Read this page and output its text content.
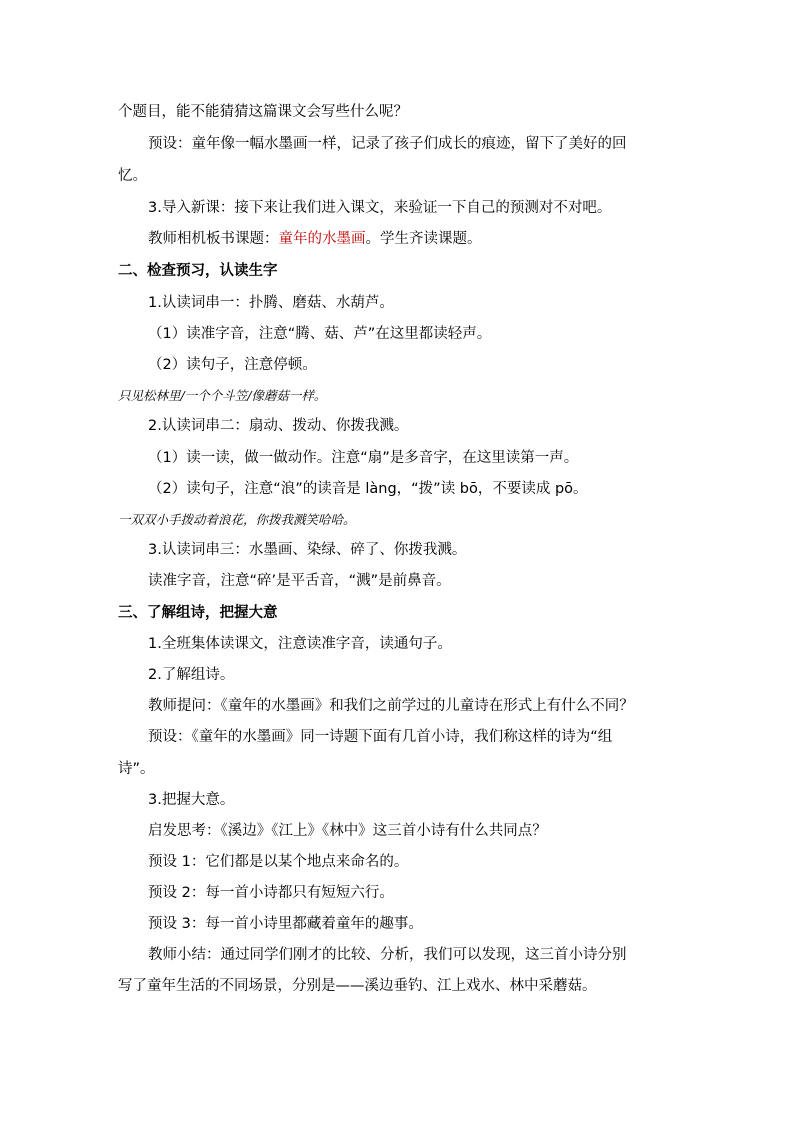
个题目，能不能猜猜这篇课文会写些什么呢？
预设：童年像一幅水墨画一样，记录了孩子们成长的痕迹，留下了美好的回
忆。
3.导入新课：接下来让我们进入课文，来验证一下自己的预测对不对吧。
教师相机板书课题：童年的水墨画。学生齐读课题。
二、检查预习，认读生字
1.认读词串一：扑腾、磨菇、水葫芦。
（1）读准字音，注意“腾、菇、芦”在这里都读轻声。
（2）读句子，注意停顿。
只见松林里/一个个斗笠/像蘑菇一样。
2.认读词串二：扇动、拨动、你拨我溅。
（1）读一读，做一做动作。注意“扇”是多音字，在这里读第一声。
（2）读句子，注意“浪”的读音是 làng，“拨”读 bō，不要读成 pō。
一双双小手拨动着浪花，你拨我溅笑哈哈。
3.认读词串三：水墨画、染绿、碎了、你拨我溅。
读准字音，注意“碎’是平舌音，“溅”是前鼻音。
三、了解组诗，把握大意
1.全班集体读课文，注意读准字音，读通句子。
2.了解组诗。
教师提问：《童年的水墨画》和我们之前学过的儿童诗在形式上有什么不同？
预设：《童年的水墨画》同一诗题下面有几首小诗，我们称这样的诗为“组
诗”。
3.把握大意。
启发思考：《溪边》《江上》《林中》这三首小诗有什么共同点？
预设 1：它们都是以某个地点来命名的。
预设 2：每一首小诗都只有短短六行。
预设 3：每一首小诗里都藏着童年的趣事。
教师小结：通过同学们刚才的比较、分析，我们可以发现，这三首小诗分别
写了童年生活的不同场景，分别是——溪边垂钓、江上戏水、林中采蘑菇。
